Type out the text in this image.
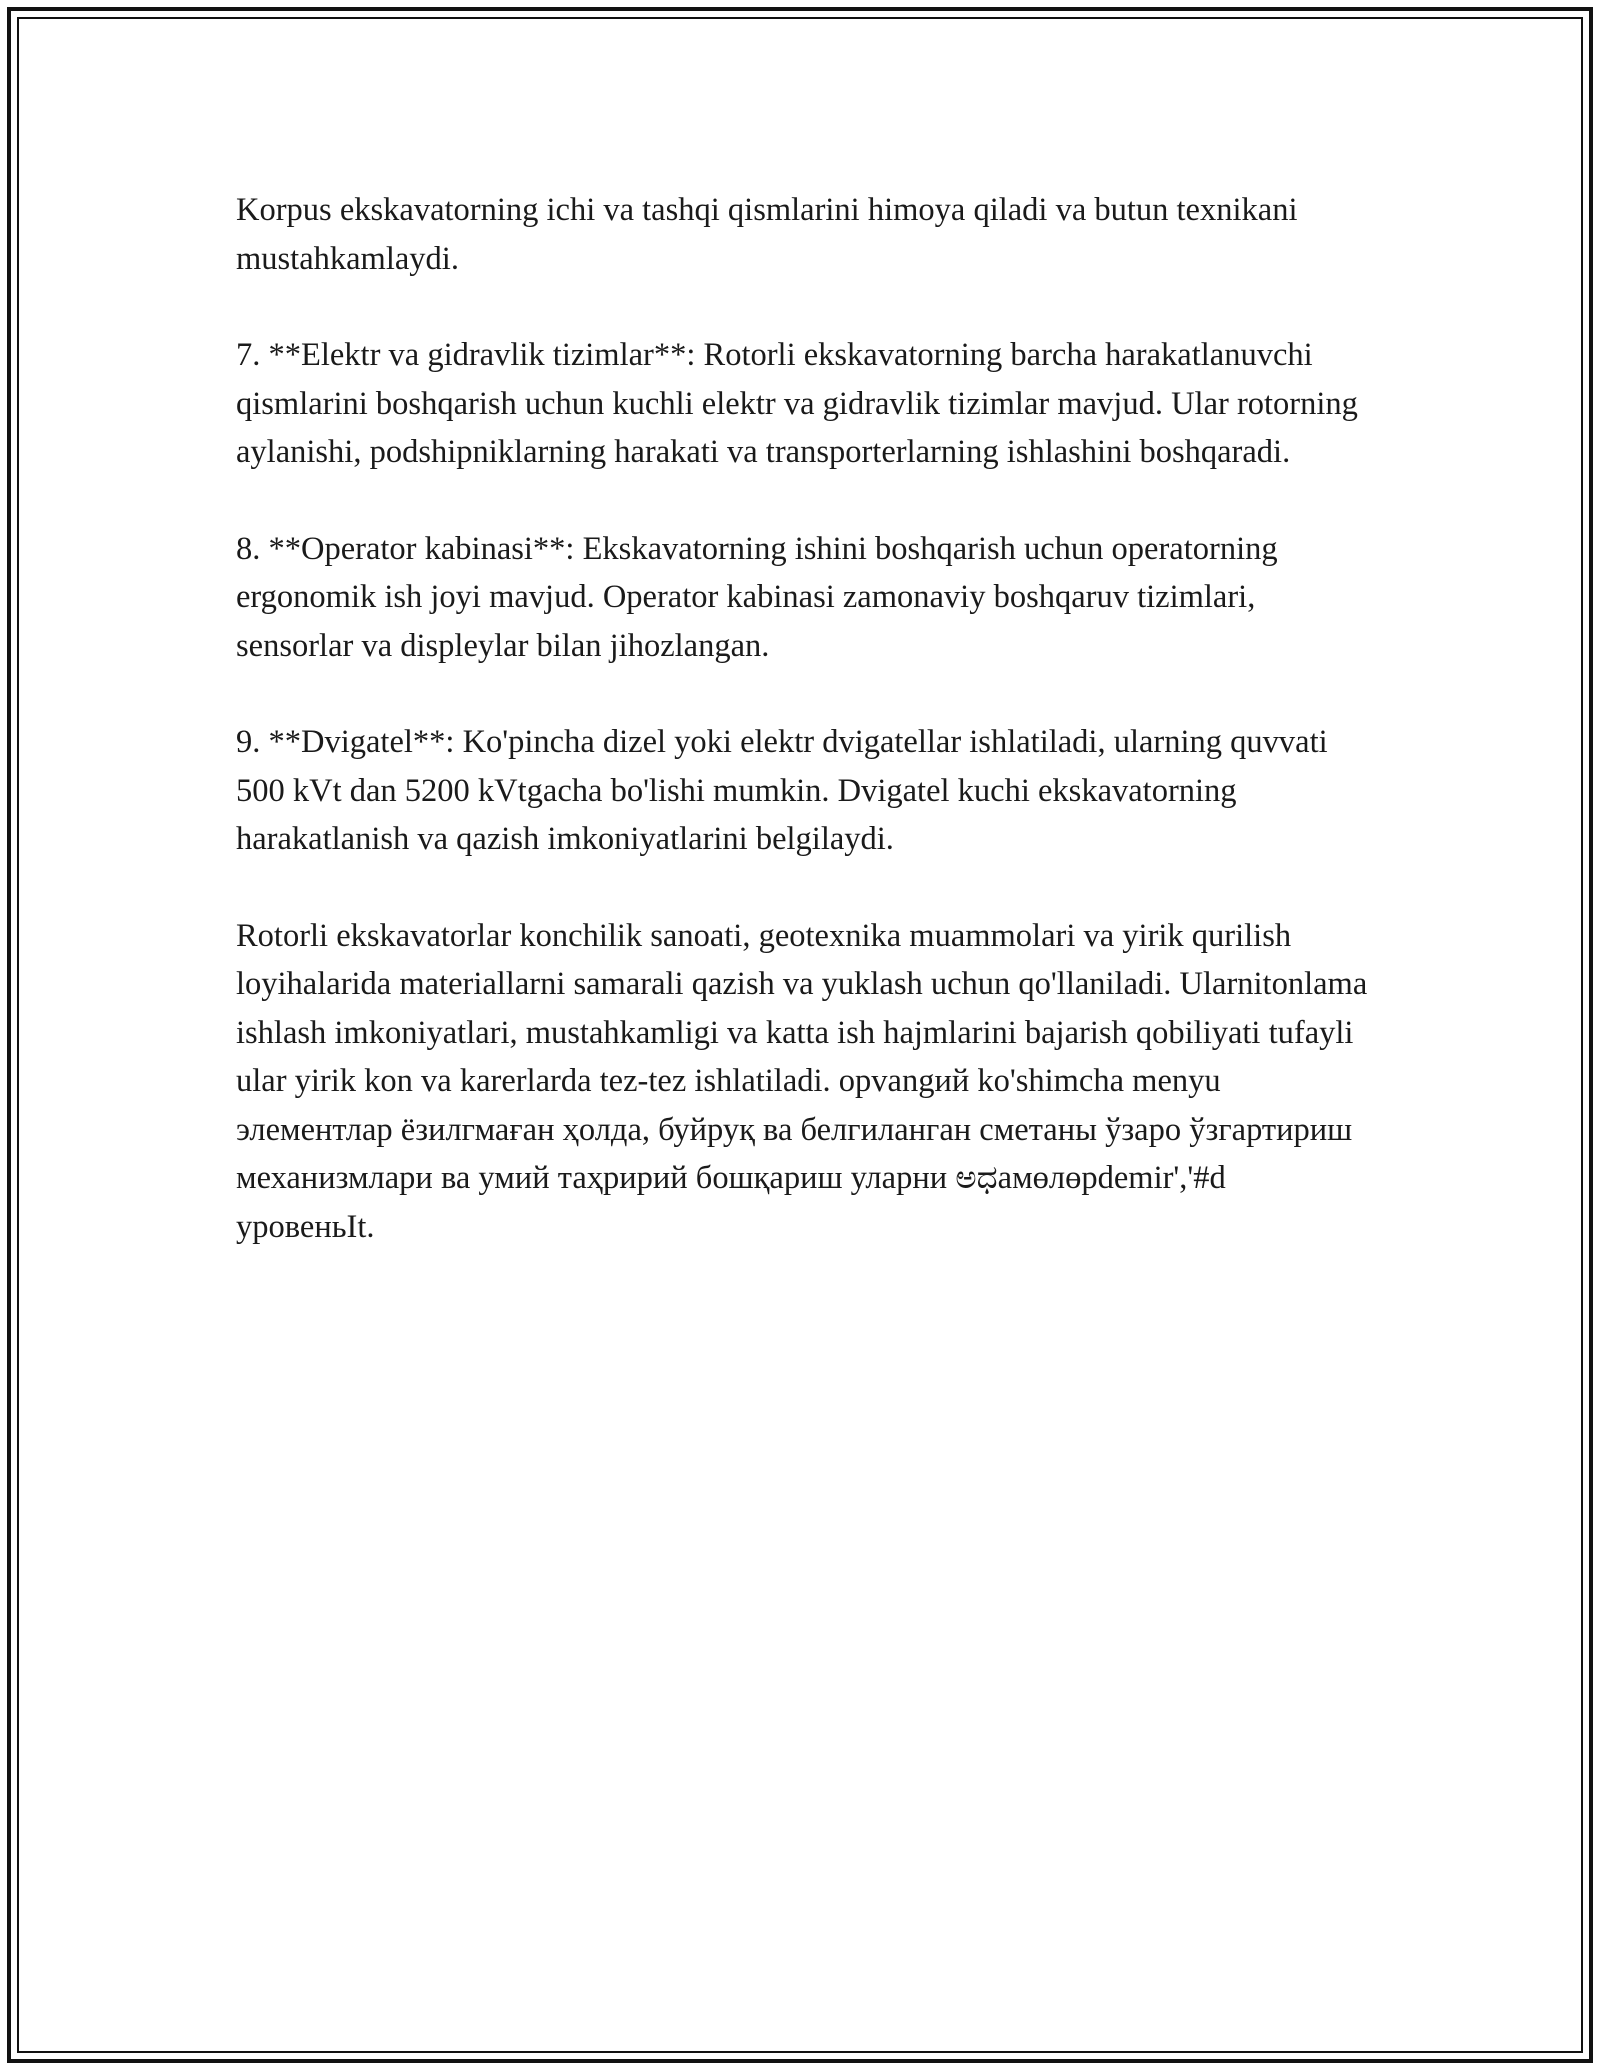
Korpus ekskavatorning ichi va tashqi qismlarini himoya qiladi va butun texnikani mustahkamlaydi.

7. **Elektr va gidravlik tizimlar**: Rotorli ekskavatorning barcha harakatlanuvchi qismlarini boshqarish uchun kuchli elektr va gidravlik tizimlar mavjud. Ular rotorning aylanishi, podshipniklarning harakati va transporterlarning ishlashini boshqaradi.

8. **Operator kabinasi**: Ekskavatorning ishini boshqarish uchun operatorning ergonomik ish joyi mavjud. Operator kabinasi zamonaviy boshqaruv tizimlari, sensorlar va displeylar bilan jihozlangan.

9. **Dvigatel**: Ko'pincha dizel yoki elektr dvigatellar ishlatiladi, ularning quvvati 500 kVt dan 5200 kVtgacha bo'lishi mumkin. Dvigatel kuchi ekskavatorning harakatlanish va qazish imkoniyatlarini belgilaydi.

Rotorli ekskavatorlar konchilik sanoati, geotexnika muammolari va yirik qurilish loyihalarida materiallarni samarali qazish va yuklash uchun qo'llaniladi. Ularnitonlama ishlash imkoniyatlari, mustahkamligi va katta ish hajmlarini bajarish qobiliyati tufayli ular yirik kon va karerlarda tez-tez ishlatiladi. opvangий ko'shimcha menyu элементлар ёзилгмаған ҳолда, буйруқ ва белгиланган сметаны ўзаро ўзгартириш механизмлари ва умий таҳририй бошқариш уларни ಅಧамөлөрdemir','#d уровеньIt.
